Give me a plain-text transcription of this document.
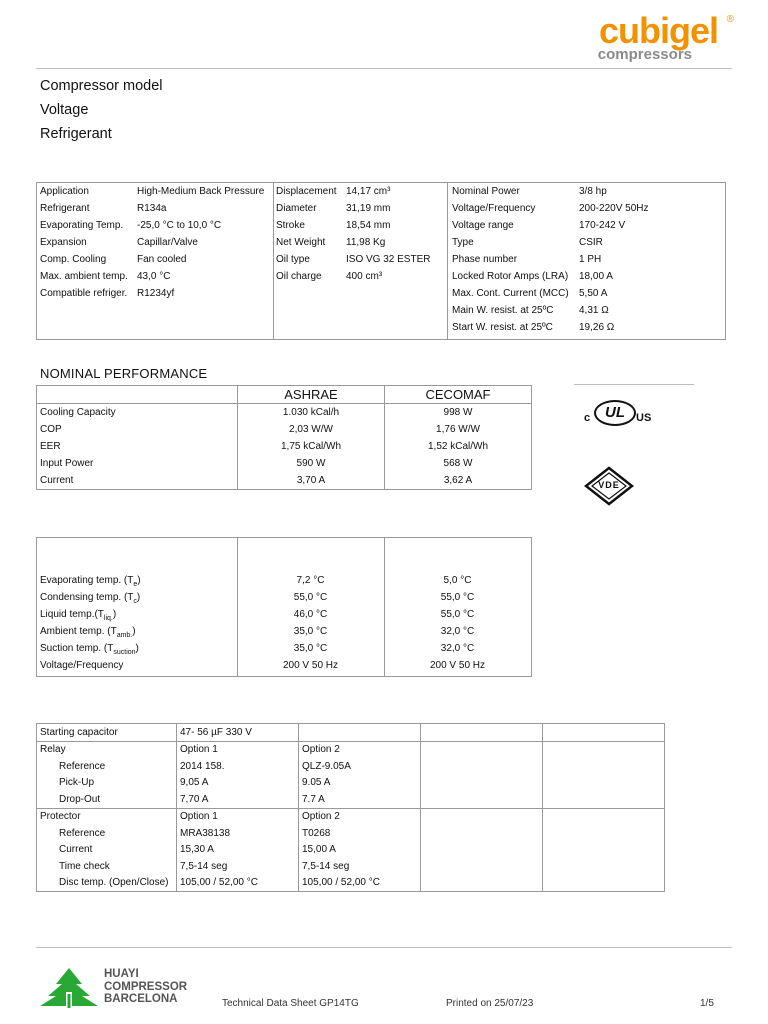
cubigel ®
compressors
Compressor model
Voltage
Refrigerant
Application	High-Medium Back Pressure
Refrigerant	R134a
Evaporating Temp. -25,0 °C to 10,0 °C
Expansion	Capillar/Valve
Comp. Cooling	Fan cooled
Max. ambient temp. 43,0 °C
Compatible refriger. R1234yf
Displacement 14,17 cm³
Diameter	31,19 mm
Stroke	18,54 mm
Net Weight 11,98 Kg
Oil type	ISO VG 32 ESTER
Oil charge 400 cm³
Nominal Power	3/8 hp
Voltage/Frequency	200-220V 50Hz
Voltage range	170-242 V
Type	CSIR
Phase number	1 PH
Locked Rotor Amps (LRA) 18,00 A
Max. Cont. Current (MCC) 5,50 A
Main W. resist. at 25ºC	4,31 Ω
Start W. resist. at 25ºC	19,26 Ω
NOMINAL PERFORMANCE
	ASHRAE	CECOMAF
Cooling Capacity	1.030 kCal/h	998 W
COP	2,03 W/W	1,76 W/W
EER	1,75 kCal/Wh	1,52 kCal/Wh
Input Power	590 W	568 W
Current	3,70 A	3,62 A
c UL	US
VDE
Evaporating temp. $(T_e)$	7,2 °C	5,0 °C
Condensing temp. $(T_c)$	55,0 °C	55,0 °C
Liquid $temp.(T_{liq.})$	46,0 °C	55,0 °C
Ambient temp. $(T_{amb.})$	35,0 °C	32,0 °C
Suction temp. $(T_{suction})$	35,0 °C	32,0 °C
Voltage/Frequency	200 V 50 Hz	200 V 50 Hz
Starting capacitor	47- 56 µF 330 V			
Relay	Option 1	Option 2		
Reference	2014 158.	QLZ-9.05A		
Pick-Up	9,05 A	9.05 A		
Drop-Out	7,70 A	7.7 A		
Protector	Option 1	Option 2		
Reference	MRA38138	T0268		
Current	15,30 A	15,00 A		
Time check	7,5-14 seg	7,5-14 seg		
Disc temp. (Open/Close)	105,00 / 52,00 °C	105,00 / 52,00 °C		
HUAYI
COMPRESSOR
BARCELONA	Technical Data Sheet GP14TG	Printed on 25/07/23	1/5
